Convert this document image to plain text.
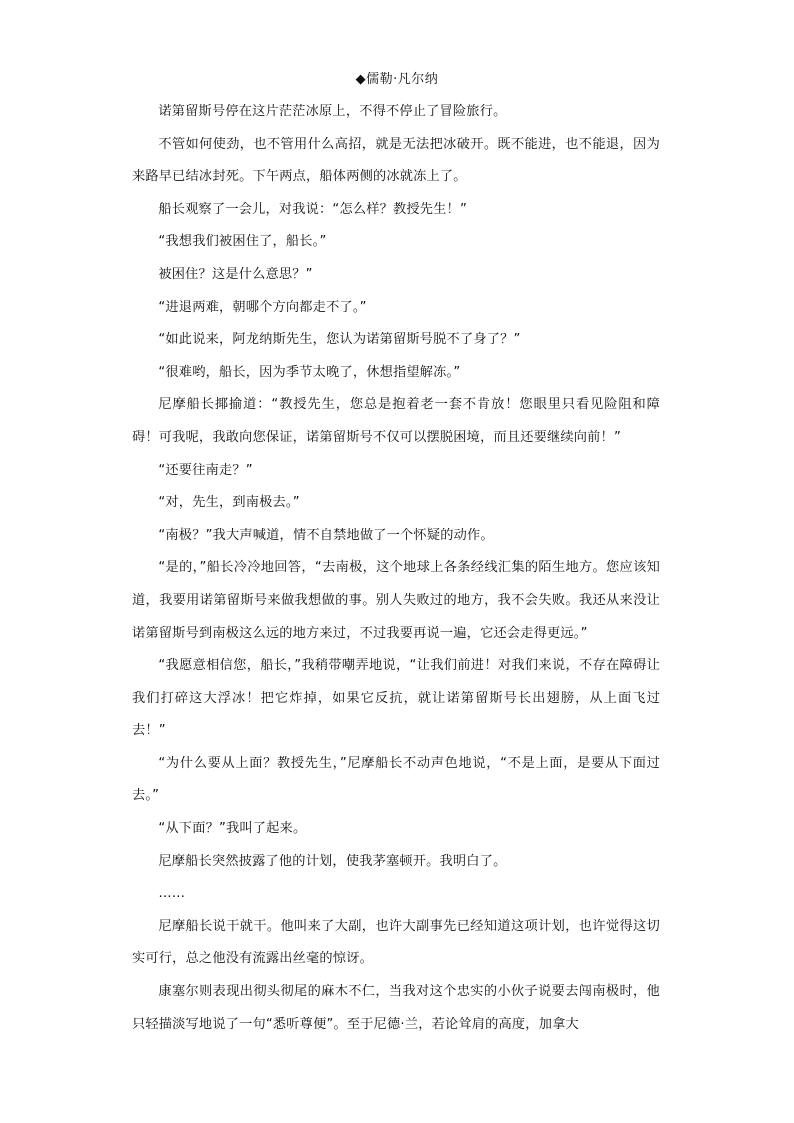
◆儒勒·凡尔纳

诺第留斯号停在这片茫茫冰原上，不得不停止了冒险旅行。

不管如何使劲，也不管用什么高招，就是无法把冰破开。既不能进，也不能退，因为来路早已结冰封死。下午两点，船体两侧的冰就冻上了。

船长观察了一会儿，对我说：“怎么样？教授先生！”

“我想我们被困住了，船长。”

被困住？这是什么意思？”

“进退两难，朝哪个方向都走不了。”

“如此说来，阿龙纳斯先生，您认为诺第留斯号脱不了身了？”

“很难哟，船长，因为季节太晚了，休想指望解冻。”

尼摩船长揶揄道：“教授先生，您总是抱着老一套不肯放！您眼里只看见险阻和障碍！可我呢，我敢向您保证，诺第留斯号不仅可以摆脱困境，而且还要继续向前！”

“还要往南走？”

“对，先生，到南极去。”

“南极？”我大声喊道，情不自禁地做了一个怀疑的动作。

“是的，”船长冷冷地回答，“去南极，这个地球上各条经线汇集的陌生地方。您应该知道，我要用诺第留斯号来做我想做的事。别人失败过的地方，我不会失败。我还从来没让诺第留斯号到南极这么远的地方来过，不过我要再说一遍，它还会走得更远。”

“我愿意相信您，船长，”我稍带嘲弄地说，“让我们前进！对我们来说，不存在障碍让我们打碎这大浮冰！把它炸掉，如果它反抗，就让诺第留斯号长出翅膀，从上面飞过去！”

“为什么要从上面？教授先生，”尼摩船长不动声色地说，“不是上面，是要从下面过去。”

“从下面？”我叫了起来。

尼摩船长突然披露了他的计划，使我茅塞顿开。我明白了。

……

尼摩船长说干就干。他叫来了大副，也许大副事先已经知道这项计划，也许觉得这切实可行，总之他没有流露出丝毫的惊讶。

康塞尔则表现出彻头彻尾的麻木不仁，当我对这个忠实的小伙子说要去闯南极时，他只轻描淡写地说了一句“悉听尊便”。至于尼德·兰，若论耸肩的高度，加拿大
